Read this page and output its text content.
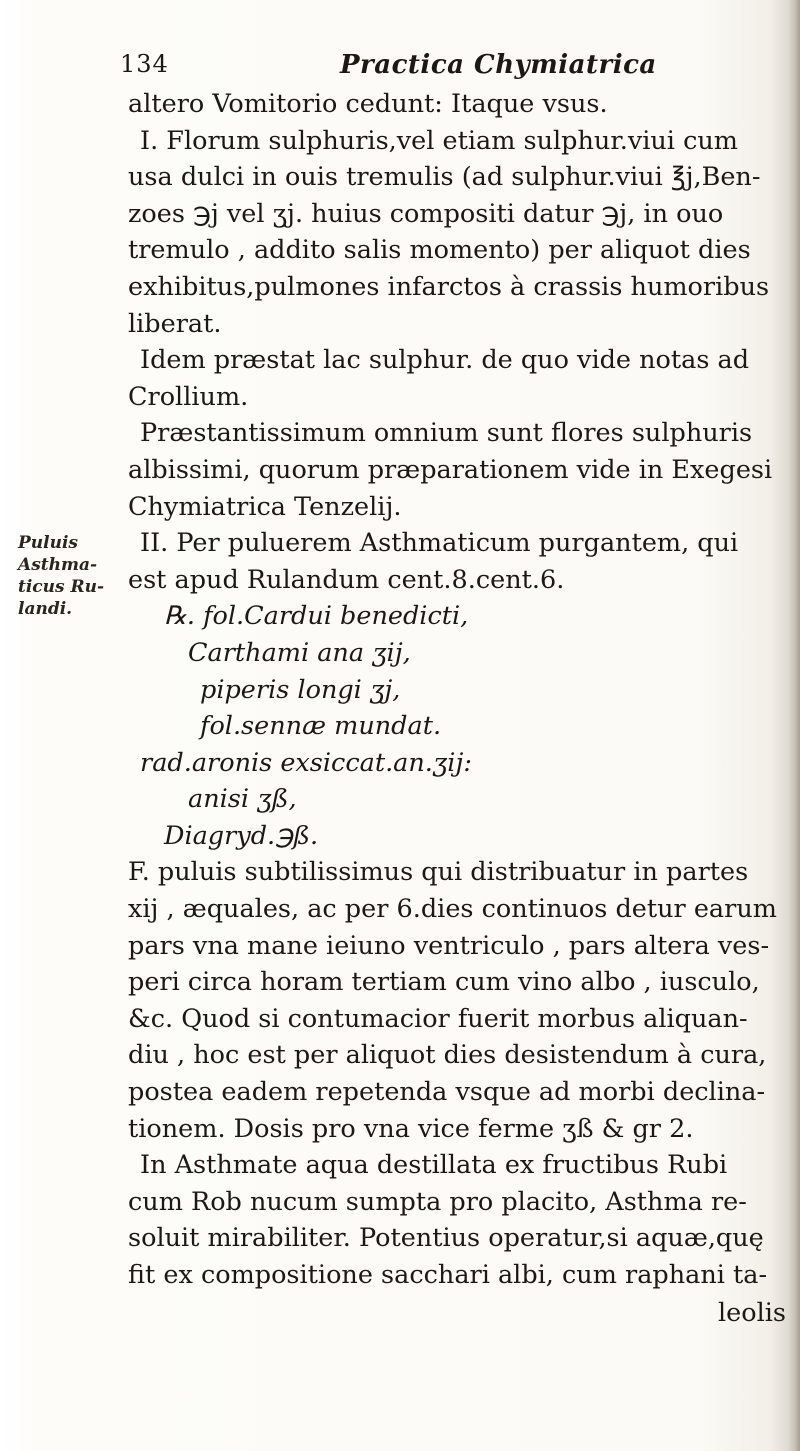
134	Practica Chymiatrica
Puluis
Asthma-
ticus Ru-
landi.
altero Vomitorio cedunt: Itaque vsus.
I. Florum sulphuris,vel etiam sulphur.viui cum
usa dulci in ouis tremulis (ad sulphur.viui ℥j,Ben-
zoes ℈j vel ʒj. huius compositi datur ℈j, in ouo
tremulo , addito salis momento) per aliquot dies
exhibitus,pulmones infarctos à crassis humoribus
liberat.
Idem præstat lac sulphur. de quo vide notas ad
Crollium.
Præstantissimum omnium sunt flores sulphuris
albissimi, quorum præparationem vide in Exegesi
Chymiatrica Tenzelij.
II. Per puluerem Asthmaticum purgantem, qui
est apud Rulandum cent.8.cent.6.
℞. fol.Cardui benedicti,
Carthami ana ʒij,
piperis longi ʒj,
fol.sennæ mundat.
rad.aronis exsiccat.an.ʒij:
anisi ʒß,
Diagryd.℈ß.
F. puluis subtilissimus qui distribuatur in partes
xij , æquales, ac per 6.dies continuos detur earum
pars vna mane ieiuno ventriculo , pars altera ves-
peri circa horam tertiam cum vino albo , iusculo,
&c. Quod si contumacior fuerit morbus aliquan-
diu , hoc est per aliquot dies desistendum à cura,
postea eadem repetenda vsque ad morbi declina-
tionem. Dosis pro vna vice ferme ʒß & gr 2.
In Asthmate aqua destillata ex fructibus Rubi
cum Rob nucum sumpta pro placito, Asthma re-
soluit mirabiliter. Potentius operatur,si aquæ,quę
fit ex compositione sacchari albi, cum raphani ta-
leolis
